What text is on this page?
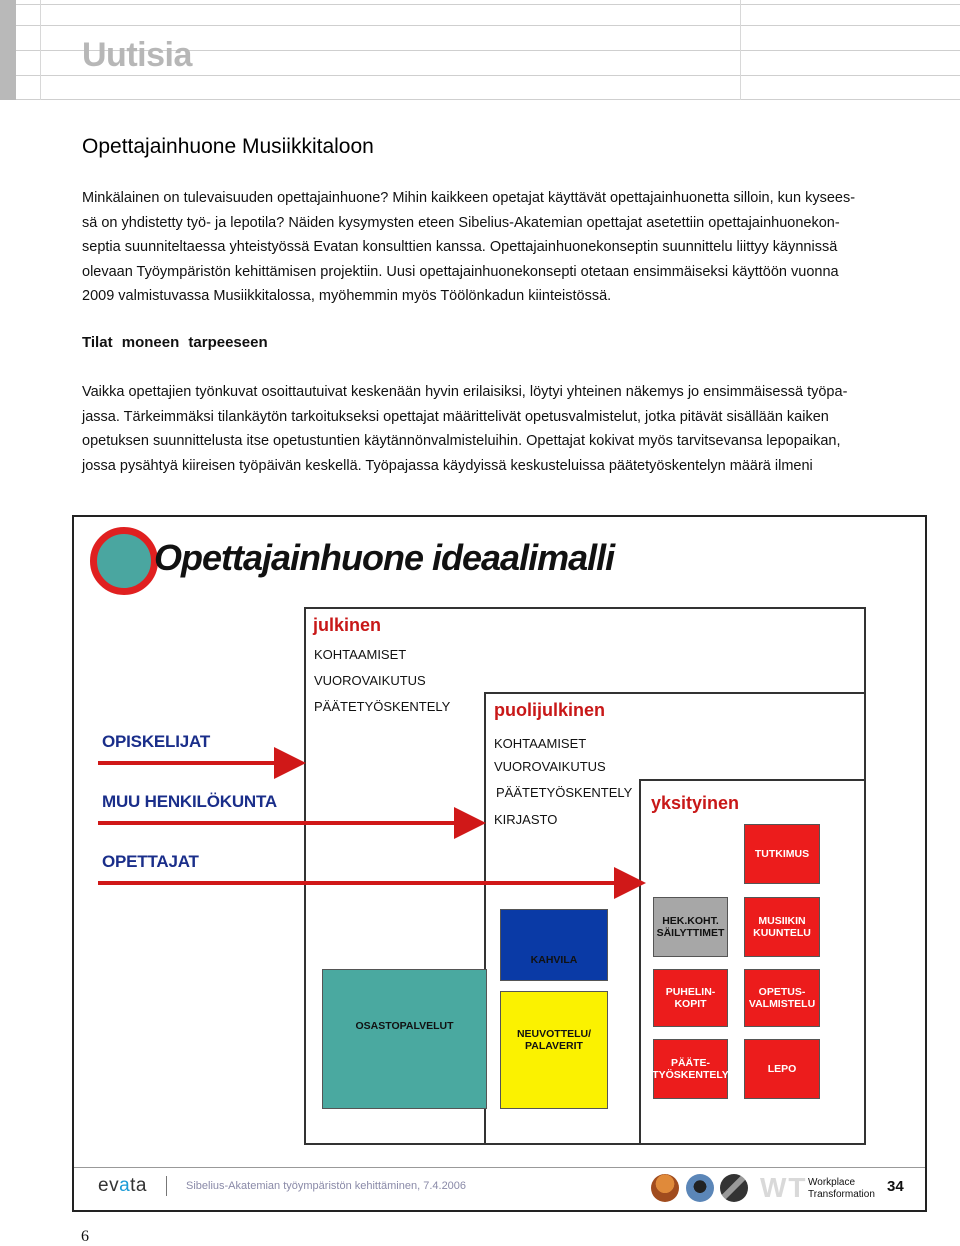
Uutisia
Opettajainhuone Musiikkitaloon
Minkälainen on tulevaisuuden opettajainhuone? Mihin kaikkeen opetajat käyttävät opettajainhuonetta silloin, kun kysees-
sä on yhdistetty työ- ja lepotila? Näiden kysymysten eteen Sibelius-Akatemian opettajat asetettiin opettajainhuonekon-
septia suunniteltaessa yhteistyössä Evatan konsulttien kanssa. Opettajainhuonekonseptin suunnittelu liittyy käynnissä
olevaan Työympäristön kehittämisen projektiin. Uusi opettajainhuonekonsepti otetaan ensimmäiseksi käyttöön vuonna
2009 valmistuvassa Musiikkitalossa, myöhemmin myös Töölönkadun kiinteistössä.
Tilat moneen tarpeeseen
Vaikka opettajien työnkuvat osoittautuivat keskenään hyvin erilaisiksi, löytyi yhteinen näkemys jo ensimmäisessä työpa-
jassa. Tärkeimmäksi tilankäytön tarkoitukseksi opettajat määrittelivät opetusvalmistelut, jotka pitävät sisällään kaiken
opetuksen suunnittelusta itse opetustuntien käytännönvalmisteluihin. Opettajat kokivat myös tarvitsevansa lepopaikan,
jossa pysähtyä kiireisen työpäivän keskellä. Työpajassa käydyissä keskusteluissa päätetyöskentelyn määrä ilmeni
Opettajainhuone ideaalimalli
julkinen
KOHTAAMISET
VUOROVAIKUTUS
PÄÄTETYÖSKENTELY puolijulkinen
KOHTAAMISET
VUOROVAIKUTUS
PÄÄTETYÖSKENTELY
KIRJASTO
yksityinen
OPISKELIJAT
MUU HENKILÖKUNTA
OPETTAJAT	TUTKIMUS
KAHVILA
HEK.KOHT. SÄILYTTIMET
MUSIIKIN KUUNTELU
PUHELIN-KOPIT
OPETUS-VALMISTELU
OSASTOPALVELUT
NEUVOTTELU/ PALAVERIT
PÄÄTE-TYÖSKENTELY	LEPO
evata	Sibelius-Akatemian työympäristön kehittäminen, 7.4.2006	WT Workplace
Transformation 34
6
